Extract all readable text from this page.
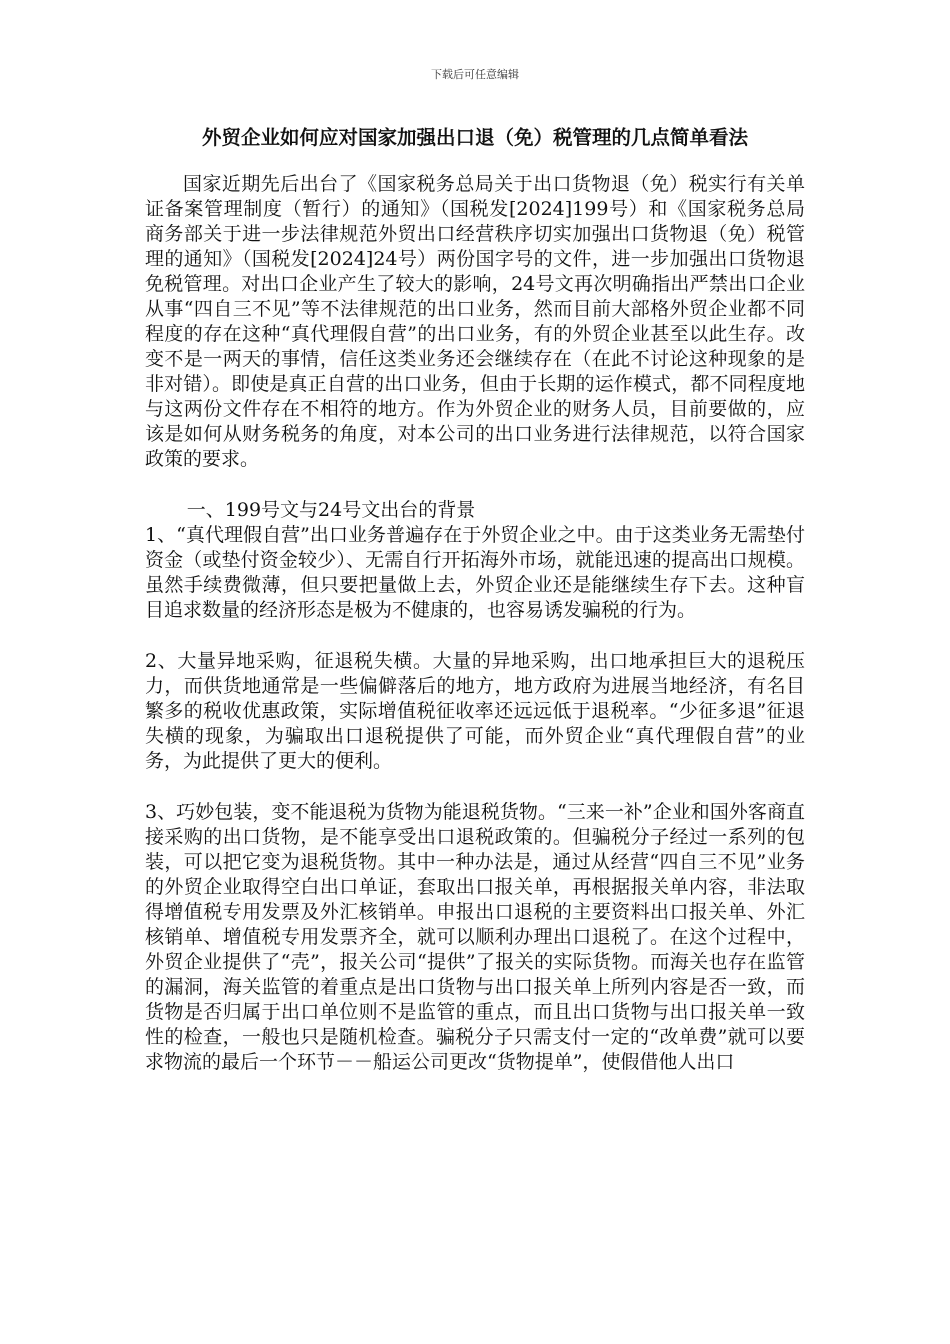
下载后可任意编辑
外贸企业如何应对国家加强出口退（免）税管理的几点简单看法

国家近期先后出台了《国家税务总局关于出口货物退（免）税实行有关单证备案管理制度（暂行）的通知》（国税发[2024]199号）和《国家税务总局 商务部关于进一步法律规范外贸出口经营秩序切实加强出口货物退（免）税管理的通知》（国税发[2024]24号）两份国字号的文件，进一步加强出口货物退免税管理。对出口企业产生了较大的影响，24号文再次明确指出严禁出口企业从事“四自三不见”等不法律规范的出口业务，然而目前大部格外贸企业都不同程度的存在这种“真代理假自营”的出口业务，有的外贸企业甚至以此生存。改变不是一两天的事情，信任这类业务还会继续存在（在此不讨论这种现象的是非对错）。即使是真正自营的出口业务，但由于长期的运作模式，都不同程度地与这两份文件存在不相符的地方。作为外贸企业的财务人员，目前要做的，应该是如何从财务税务的角度，对本公司的出口业务进行法律规范，以符合国家政策的要求。

一、199号文与24号文出台的背景

1、“真代理假自营”出口业务普遍存在于外贸企业之中。由于这类业务无需垫付资金（或垫付资金较少）、无需自行开拓海外市场，就能迅速的提高出口规模。虽然手续费微薄，但只要把量做上去，外贸企业还是能继续生存下去。这种盲目追求数量的经济形态是极为不健康的，也容易诱发骗税的行为。

2、大量异地采购，征退税失横。大量的异地采购，出口地承担巨大的退税压力，而供货地通常是一些偏僻落后的地方，地方政府为进展当地经济，有名目繁多的税收优惠政策，实际增值税征收率还远远低于退税率。“少征多退”征退失横的现象，为骗取出口退税提供了可能，而外贸企业“真代理假自营”的业务，为此提供了更大的便利。

3、巧妙包装，变不能退税为货物为能退税货物。“三来一补”企业和国外客商直接采购的出口货物，是不能享受出口退税政策的。但骗税分子经过一系列的包装，可以把它变为退税货物。其中一种办法是，通过从经营“四自三不见”业务的外贸企业取得空白出口单证，套取出口报关单，再根据报关单内容，非法取得增值税专用发票及外汇核销单。申报出口退税的主要资料出口报关单、外汇核销单、增值税专用发票齐全，就可以顺利办理出口退税了。在这个过程中，外贸企业提供了“壳”，报关公司“提供”了报关的实际货物。而海关也存在监管的漏洞，海关监管的着重点是出口货物与出口报关单上所列内容是否一致，而货物是否归属于出口单位则不是监管的重点，而且出口货物与出口报关单一致性的检查，一般也只是随机检查。骗税分子只需支付一定的“改单费”就可以要求物流的最后一个环节－－船运公司更改“货物提单”，使假借他人出口
